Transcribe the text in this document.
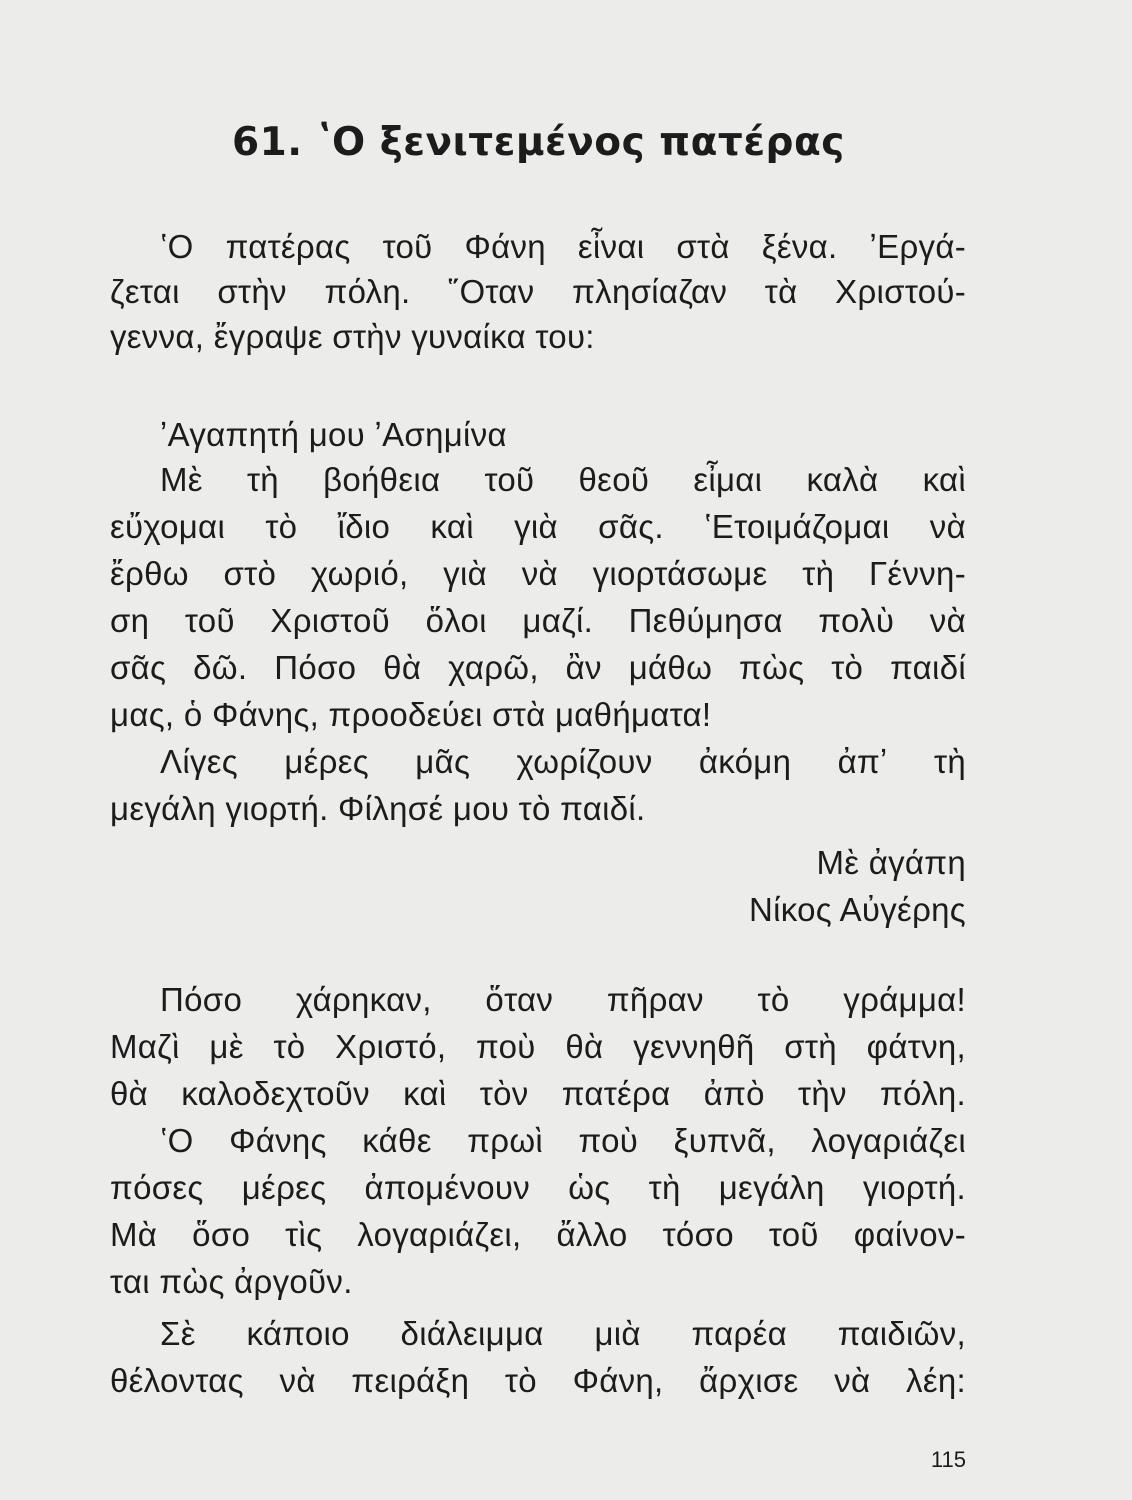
61. ʽΟ ξενιτεμένος πατέρας
ʽΟ πατέρας τοῦ Φάνη εἶναι στὰ ξένα. ʼΕργά-
ζεται στὴν πόλη. ῞Οταν πλησίαζαν τὰ Χριστού-
γεννα, ἔγραψε στὴν γυναίκα του:
ʼΑγαπητή μου ʼΑσημίνα
Μὲ τὴ βοήθεια τοῦ θεοῦ εἶμαι καλὰ καὶ
εὔχομαι τὸ ἴδιο καὶ γιὰ σᾶς. ʽΕτοιμάζομαι νὰ
ἔρθω στὸ χωριό, γιὰ νὰ γιορτάσωμε τὴ Γέννη-
ση τοῦ Χριστοῦ ὅλοι μαζί. Πεθύμησα πολὺ νὰ
σᾶς δῶ. Πόσο θὰ χαρῶ, ἂν μάθω πὼς τὸ παιδί
μας, ὁ Φάνης, προοδεύει στὰ μαθήματα!
Λίγες μέρες μᾶς χωρίζουν ἀκόμη ἀπʼ τὴ
μεγάλη γιορτή. Φίλησέ μου τὸ παιδί.
Μὲ ἀγάπη
Νίκος Αὐγέρης
Πόσο χάρηκαν, ὅταν πῆραν τὸ γράμμα!
Μαζὶ μὲ τὸ Χριστό, ποὺ θὰ γεννηθῆ στὴ φάτνη,
θὰ καλοδεχτοῦν καὶ τὸν πατέρα ἀπὸ τὴν πόλη.
ʽΟ Φάνης κάθε πρωὶ ποὺ ξυπνᾶ, λογαριάζει
πόσες μέρες ἀπομένουν ὡς τὴ μεγάλη γιορτή.
Μὰ ὅσο τὶς λογαριάζει, ἄλλο τόσο τοῦ φαίνον-
ται πὼς ἀργοῦν.
Σὲ κάποιο διάλειμμα μιὰ παρέα παιδιῶν,
θέλοντας νὰ πειράξη τὸ Φάνη, ἄρχισε νὰ λέη:
115
